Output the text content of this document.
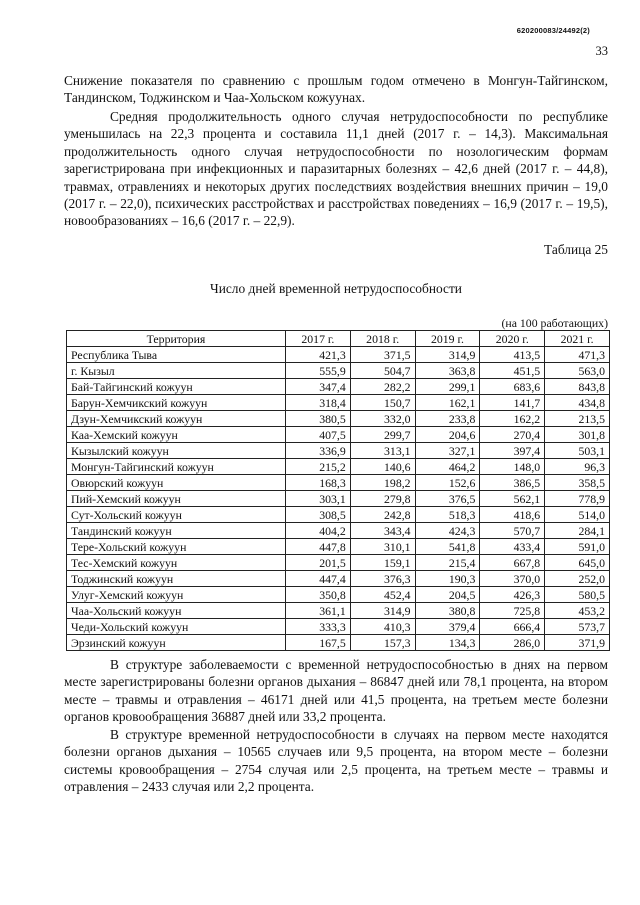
620200083/24492(2)
33

Снижение показателя по сравнению с прошлым годом отмечено в Монгун-Тайгинском, Тандинском, Тоджинском и Чаа-Хольском кожуунах.

Средняя продолжительность одного случая нетрудоспособности по республике уменьшилась на 22,3 процента и составила 11,1 дней (2017 г. – 14,3). Максимальная продолжительность одного случая нетрудоспособности по нозологическим формам зарегистрирована при инфекционных и паразитарных болезнях – 42,6 дней (2017 г. – 44,8), травмах, отравлениях и некоторых других последствиях воздействия внешних причин – 19,0 (2017 г. – 22,0), психических расстройствах и расстройствах поведениях – 16,9 (2017 г. – 19,5), новообразованиях – 16,6 (2017 г. – 22,9).

Таблица 25
Число дней временной нетрудоспособности
(на 100 работающих)
Территория	2017 г.	2018 г.	2019 г.	2020 г.	2021 г.
Республика Тыва	421,3	371,5	314,9	413,5	471,3
г. Кызыл	555,9	504,7	363,8	451,5	563,0
Бай-Тайгинский кожуун	347,4	282,2	299,1	683,6	843,8
Барун-Хемчикский кожуун	318,4	150,7	162,1	141,7	434,8
Дзун-Хемчикский кожуун	380,5	332,0	233,8	162,2	213,5
Каа-Хемский кожуун	407,5	299,7	204,6	270,4	301,8
Кызылский кожуун	336,9	313,1	327,1	397,4	503,1
Монгун-Тайгинский кожуун	215,2	140,6	464,2	148,0	96,3
Овюрский кожуун	168,3	198,2	152,6	386,5	358,5
Пий-Хемский кожуун	303,1	279,8	376,5	562,1	778,9
Сут-Хольский кожуун	308,5	242,8	518,3	418,6	514,0
Тандинский кожуун	404,2	343,4	424,3	570,7	284,1
Тере-Хольский кожуун	447,8	310,1	541,8	433,4	591,0
Тес-Хемский кожуун	201,5	159,1	215,4	667,8	645,0
Тоджинский кожуун	447,4	376,3	190,3	370,0	252,0
Улуг-Хемский кожуун	350,8	452,4	204,5	426,3	580,5
Чаа-Хольский кожуун	361,1	314,9	380,8	725,8	453,2
Чеди-Хольский кожуун	333,3	410,3	379,4	666,4	573,7
Эрзинский кожуун	167,5	157,3	134,3	286,0	371,9

В структуре заболеваемости с временной нетрудоспособностью в днях на первом месте зарегистрированы болезни органов дыхания – 86847 дней или 78,1 процента, на втором месте – травмы и отравления – 46171 дней или 41,5 процента, на третьем месте болезни органов кровообращения 36887 дней или 33,2 процента.

В структуре временной нетрудоспособности в случаях на первом месте находятся болезни органов дыхания – 10565 случаев или 9,5 процента, на втором месте – болезни системы кровообращения – 2754 случая или 2,5 процента, на третьем месте – травмы и отравления – 2433 случая или 2,2 процента.
